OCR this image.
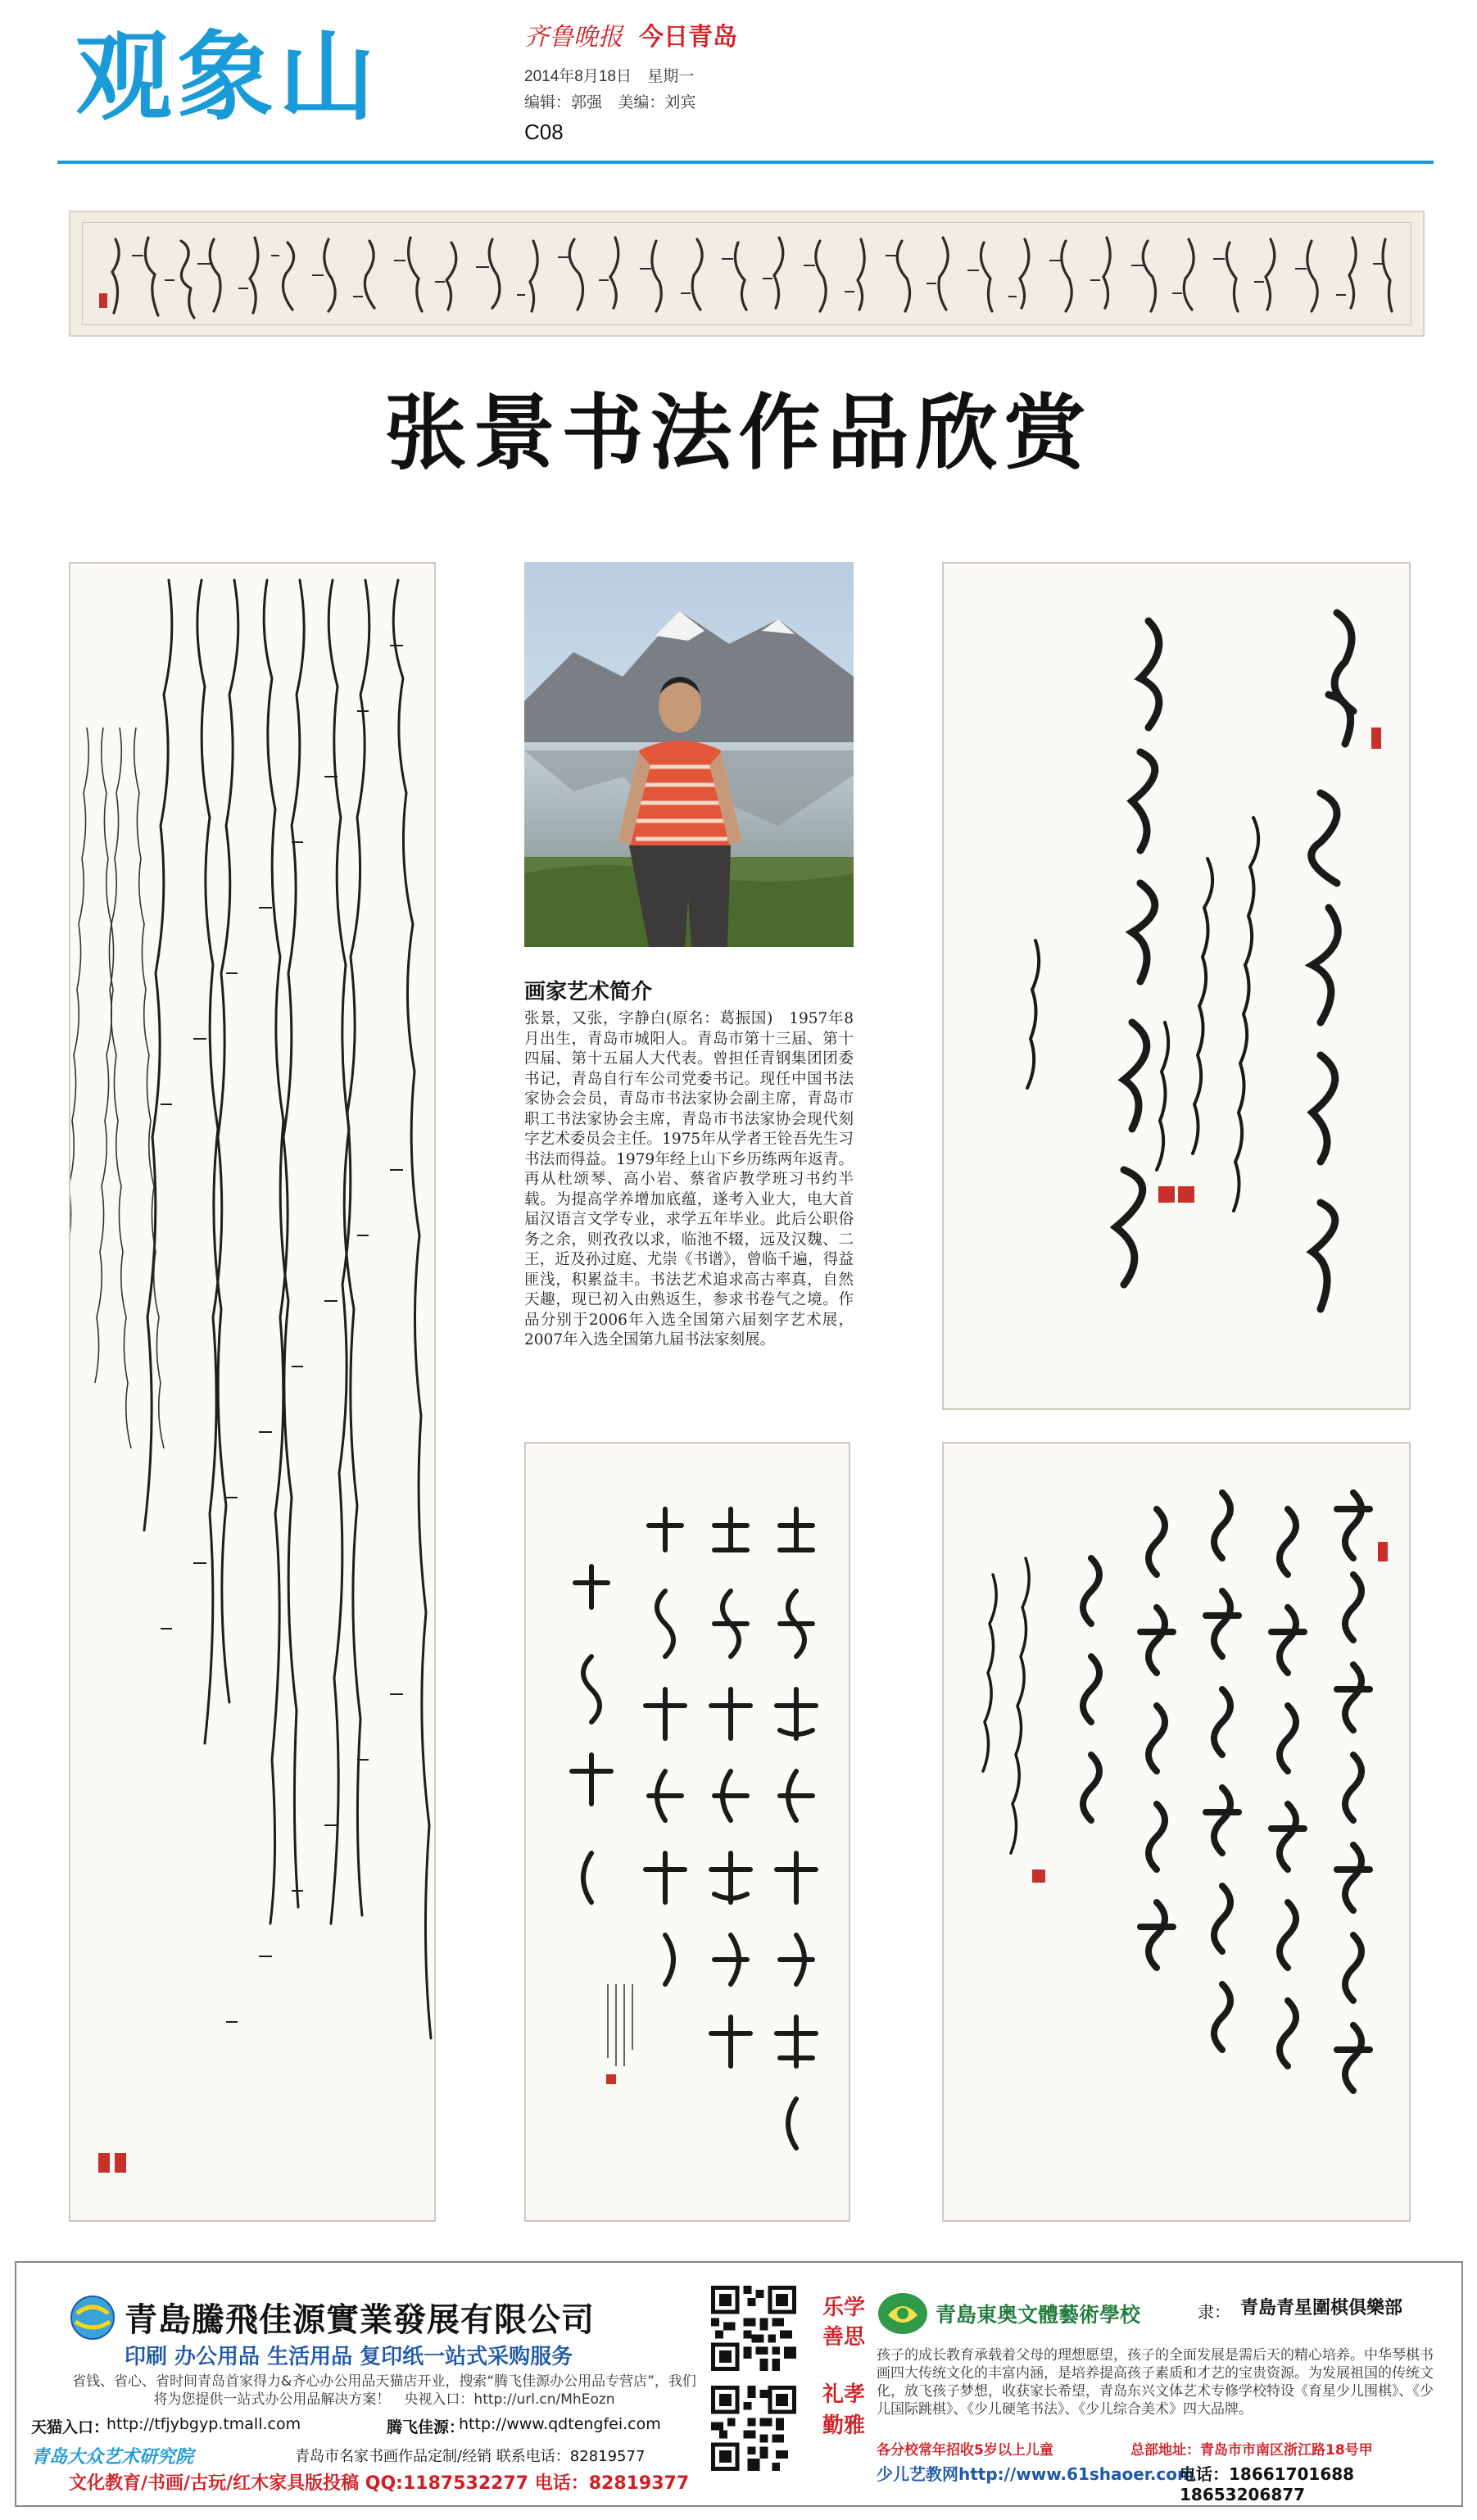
观象山	齐鲁晚报 今日青岛
2014年8月18日 星期一
编辑：郭强 美编：刘宾
C08
张景书法作品欣赏
画家艺术简介
张景，又张，字静白(原名：葛振国)　1957年8月出生，青岛市城阳人。青岛市第十三届、第十四届、第十五届人大代表。曾担任青钢集团团委书记，青岛自行车公司党委书记。现任中国书法家协会会员，青岛市书法家协会副主席，青岛市职工书法家协会主席，青岛市书法家协会现代刻字艺术委员会主任。1975年从学者王铨吾先生习书法而得益。1979年经上山下乡历练两年返青。再从杜颂琴、高小岩、蔡省庐教学班习书约半载。为提高学养增加底蕴，遂考入业大，电大首届汉语言文学专业，求学五年毕业。此后公职俗务之余，则孜孜以求，临池不辍，远及汉魏、二王，近及孙过庭、尤崇《书谱》，曾临千遍，得益匪浅，积累益丰。书法艺术追求高古率真，自然天趣，现已初入由熟返生，参求书卷气之境。作品分别于2006年入选全国第六届刻字艺术展，2007年入选全国第九届书法家刻展。
青島騰飛佳源實業發展有限公司
印刷 办公用品 生活用品 复印纸一站式采购服务
省钱、省心、省时间青岛首家得力&齐心办公用品天猫店开业，搜索“腾飞佳源办公用品专营店”，我们将为您提供一站式办公用品解决方案！　央视入口：http://url.cn/MhEozn
天猫入口：
http://tfjybgyp.tmall.com	腾飞佳源：
http://www.qdtengfei.com
青岛大众艺术研究院	青岛市名家书画作品定制/经销 联系电话：82819577
文化教育/书画/古玩/红木家具版投稿 QQ:1187532277 电话：82819377
乐学
善思
礼孝
勤雅
青島東奥文體藝術學校	隶： 青島青星圍棋俱樂部
孩子的成长教育承载着父母的理想愿望，孩子的全面发展是需后天的精心培养。中华琴棋书画四大传统文化的丰富内涵，是培养提高孩子素质和才艺的宝贵资源。为发展祖国的传统文化，放飞孩子梦想，收获家长希望，青岛东兴文体艺术专修学校特设《育星少儿围棋》、《少儿国际跳棋》、《少儿硬笔书法》、《少儿综合美术》四大品牌。
各分校常年招收5岁以上儿童	总部地址：青岛市市南区浙江路18号甲
少儿艺教网http://www.61shaoer.com
电话：18661701688 18653206877
